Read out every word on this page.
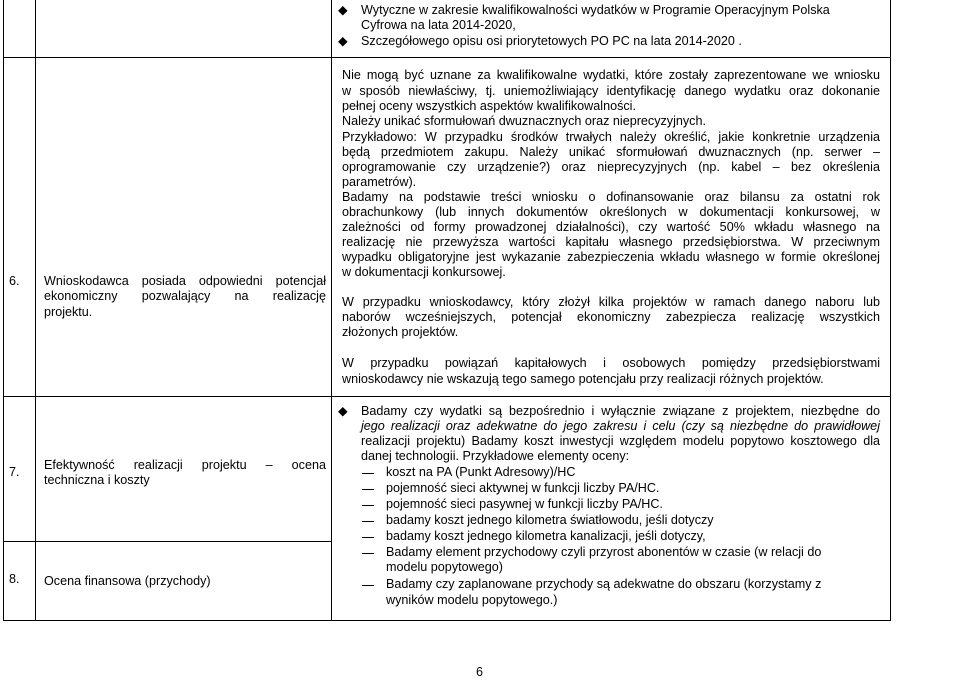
◆ Wytyczne w zakresie kwalifikowalności wydatków w Programie Operacyjnym Polska

Cyfrowa na lata 2014-2020,

◆ Szczegółowego opisu osi priorytetowych PO PC na lata 2014-2020 .

6. Wnioskodawca posiada odpowiedni potencjał

ekonomiczny pozwalający na realizację

projektu.

Nie mogą być uznane za kwalifikowalne wydatki, które zostały zaprezentowane we wniosku

w sposób niewłaściwy, tj. uniemożliwiający identyfikację danego wydatku oraz dokonanie

pełnej oceny wszystkich aspektów kwalifikowalności.

Należy unikać sformułowań dwuznacznych oraz nieprecyzyjnych.

Przykładowo: W przypadku środków trwałych należy określić, jakie konkretnie urządzenia

będą przedmiotem zakupu. Należy unikać sformułowań dwuznacznych (np. serwer –

oprogramowanie czy urządzenie?) oraz nieprecyzyjnych (np. kabel – bez określenia

parametrów).

Badamy na podstawie treści wniosku o dofinansowanie oraz bilansu za ostatni rok

obrachunkowy (lub innych dokumentów określonych w dokumentacji konkursowej, w

zależności od formy prowadzonej działalności), czy wartość 50% wkładu własnego na

realizację nie przewyższa wartości kapitału własnego przedsiębiorstwa. W przeciwnym

wypadku obligatoryjne jest wykazanie zabezpieczenia wkładu własnego w formie określonej

w dokumentacji konkursowej.

W przypadku wnioskodawcy, który złożył kilka projektów w ramach danego naboru lub

naborów wcześniejszych, potencjał ekonomiczny zabezpiecza realizację wszystkich

złożonych projektów.

W przypadku powiązań kapitałowych i osobowych pomiędzy przedsiębiorstwami

wnioskodawcy nie wskazują tego samego potencjału przy realizacji różnych projektów.

7. Efektywność realizacji projektu – ocena

techniczna i koszty

◆ Badamy czy wydatki są bezpośrednio i wyłącznie związane z projektem, niezbędne do

jego realizacji oraz adekwatne do jego zakresu i celu (czy są niezbędne do prawidłowej

realizacji projektu) Badamy koszt inwestycji względem modelu popytowo kosztowego dla

danej technologii. Przykładowe elementy oceny:

koszt na PA (Punkt Adresowy)/HC

pojemność sieci aktywnej w funkcji liczby PA/HC.

pojemność sieci pasywnej w funkcji liczby PA/HC.

badamy koszt jednego kilometra światłowodu, jeśli dotyczy

badamy koszt jednego kilometra kanalizacji, jeśli dotyczy,

Badamy element przychodowy czyli przyrost abonentów w czasie (w relacji do

modelu popytowego)

Badamy czy zaplanowane przychody są adekwatne do obszaru (korzystamy z

wyników modelu popytowego.)

8. Ocena finansowa (przychody)

6
